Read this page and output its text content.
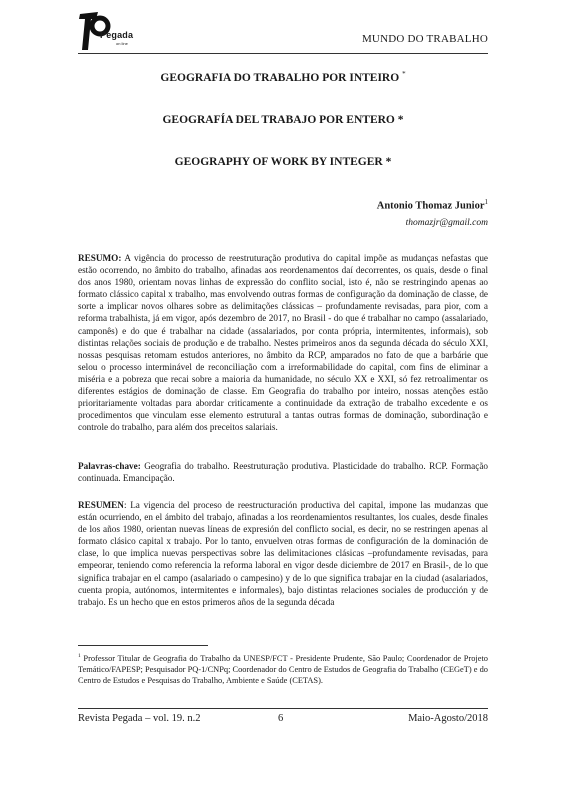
Pegada
on line	MUNDO DO TRABALHO
GEOGRAFIA DO TRABALHO POR INTEIRO *
GEOGRAFÍA DEL TRABAJO POR ENTERO *
GEOGRAPHY OF WORK BY INTEGER *
Antonio Thomaz Junior$^1$
thomazjr@gmail.com

RESUMO: A vigência do processo de reestruturação produtiva do capital impõe as mudanças nefastas que estão ocorrendo, no âmbito do trabalho, afinadas aos reordenamentos daí decorrentes, os quais, desde o final dos anos 1980, orientam novas linhas de expressão do conflito social, isto é, não se restringindo apenas ao formato clássico capital x trabalho, mas envolvendo outras formas de configuração da dominação de classe, de sorte a implicar novos olhares sobre as delimitações clássicas – profundamente revisadas, para pior, com a reforma trabalhista, já em vigor, após dezembro de 2017, no Brasil - do que é trabalhar no campo (assalariado, camponês) e do que é trabalhar na cidade (assalariados, por conta própria, intermitentes, informais), sob distintas relações sociais de produção e de trabalho. Nestes primeiros anos da segunda década do século XXI, nossas pesquisas retomam estudos anteriores, no âmbito da RCP, amparados no fato de que a barbárie que selou o processo interminável de reconciliação com a irreformabilidade do capital, com fins de eliminar a miséria e a pobreza que recai sobre a maioria da humanidade, no século XX e XXI, só fez retroalimentar os diferentes estágios de dominação de classe. Em Geografia do trabalho por inteiro, nossas atenções estão prioritariamente voltadas para abordar criticamente a continuidade da extração de trabalho excedente e os procedimentos que vinculam esse elemento estrutural a tantas outras formas de dominação, subordinação e controle do trabalho, para além dos preceitos salariais.

Palavras-chave: Geografia do trabalho. Reestruturação produtiva. Plasticidade do trabalho. RCP. Formação continuada. Emancipação.

RESUMEN: La vigencia del proceso de reestructuración productiva del capital, impone las mudanzas que están ocurriendo, en el ámbito del trabajo, afinadas a los reordenamientos resultantes, los cuales, desde finales de los años 1980, orientan nuevas líneas de expresión del conflicto social, es decir, no se restringen apenas al formato clásico capital x trabajo. Por lo tanto, envuelven otras formas de configuración de la dominación de clase, lo que implica nuevas perspectivas sobre las delimitaciones clásicas –profundamente revisadas, para empeorar, teniendo como referencia la reforma laboral en vigor desde diciembre de 2017 en Brasil-, de lo que significa trabajar en el campo (asalariado o campesino) y de lo que significa trabajar en la ciudad (asalariados, cuenta propia, autónomos, intermitentes e informales), bajo distintas relaciones sociales de producción y de trabajo. Es un hecho que en estos primeros años de la segunda década

$^1$ Professor Titular de Geografia do Trabalho da UNESP/FCT - Presidente Prudente, São Paulo; Coordenador de Projeto Temático/FAPESP; Pesquisador PQ-1/CNPq; Coordenador do Centro de Estudos de Geografia do Trabalho (CEGeT) e do Centro de Estudos e Pesquisas do Trabalho, Ambiente e Saúde (CETAS).

Revista Pegada – vol. 19. n.2	6	Maio-Agosto/2018
